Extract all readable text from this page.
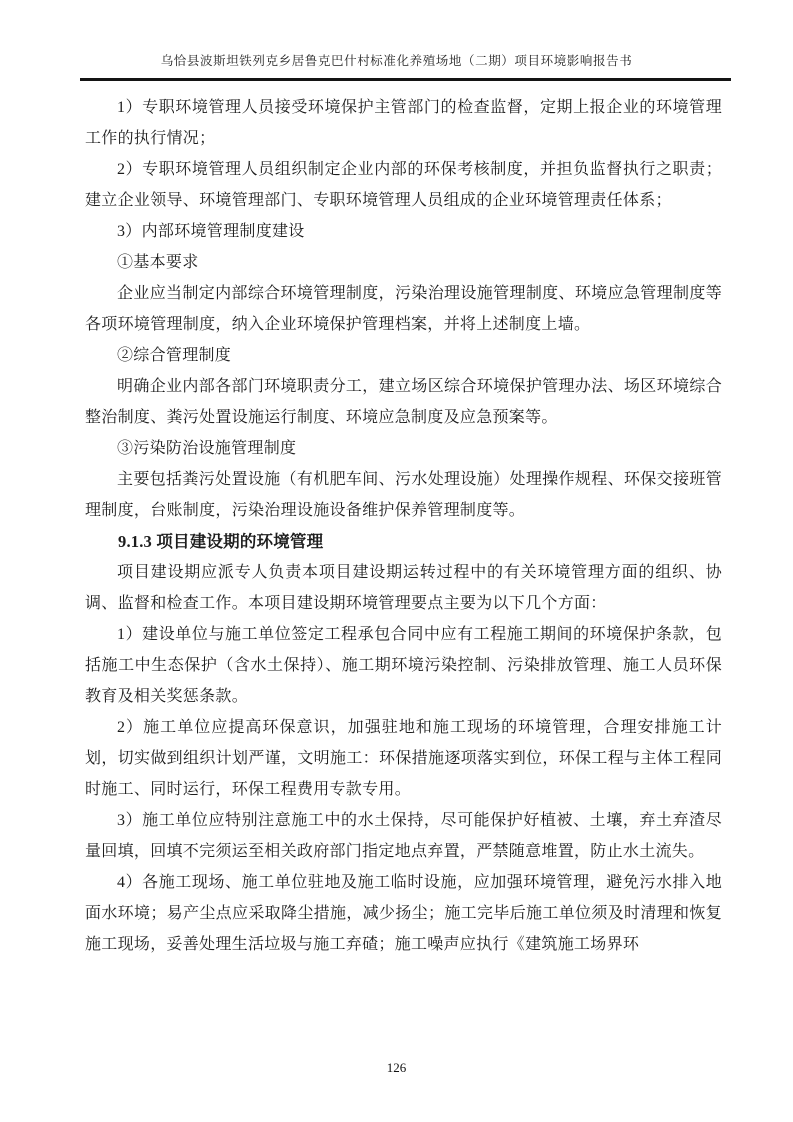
乌恰县波斯坦铁列克乡居鲁克巴什村标准化养殖场地（二期）项目环境影响报告书

1）专职环境管理人员接受环境保护主管部门的检查监督，定期上报企业的环境管理工作的执行情况；

2）专职环境管理人员组织制定企业内部的环保考核制度，并担负监督执行之职责；建立企业领导、环境管理部门、专职环境管理人员组成的企业环境管理责任体系；

3）内部环境管理制度建设

①基本要求

企业应当制定内部综合环境管理制度，污染治理设施管理制度、环境应急管理制度等各项环境管理制度，纳入企业环境保护管理档案，并将上述制度上墙。

②综合管理制度

明确企业内部各部门环境职责分工，建立场区综合环境保护管理办法、场区环境综合整治制度、粪污处置设施运行制度、环境应急制度及应急预案等。

③污染防治设施管理制度

主要包括粪污处置设施（有机肥车间、污水处理设施）处理操作规程、环保交接班管理制度，台账制度，污染治理设施设备维护保养管理制度等。

9.1.3 项目建设期的环境管理

项目建设期应派专人负责本项目建设期运转过程中的有关环境管理方面的组织、协调、监督和检查工作。本项目建设期环境管理要点主要为以下几个方面：

1）建设单位与施工单位签定工程承包合同中应有工程施工期间的环境保护条款，包括施工中生态保护（含水土保持）、施工期环境污染控制、污染排放管理、施工人员环保教育及相关奖惩条款。

2）施工单位应提高环保意识，加强驻地和施工现场的环境管理，合理安排施工计划，切实做到组织计划严谨，文明施工：环保措施逐项落实到位，环保工程与主体工程同时施工、同时运行，环保工程费用专款专用。

3）施工单位应特别注意施工中的水土保持，尽可能保护好植被、土壤，弃土弃渣尽量回填，回填不完须运至相关政府部门指定地点弃置，严禁随意堆置，防止水土流失。

4）各施工现场、施工单位驻地及施工临时设施，应加强环境管理，避免污水排入地面水环境；易产尘点应采取降尘措施，减少扬尘；施工完毕后施工单位须及时清理和恢复施工现场，妥善处理生活垃圾与施工弃碴；施工噪声应执行《建筑施工场界环

126
